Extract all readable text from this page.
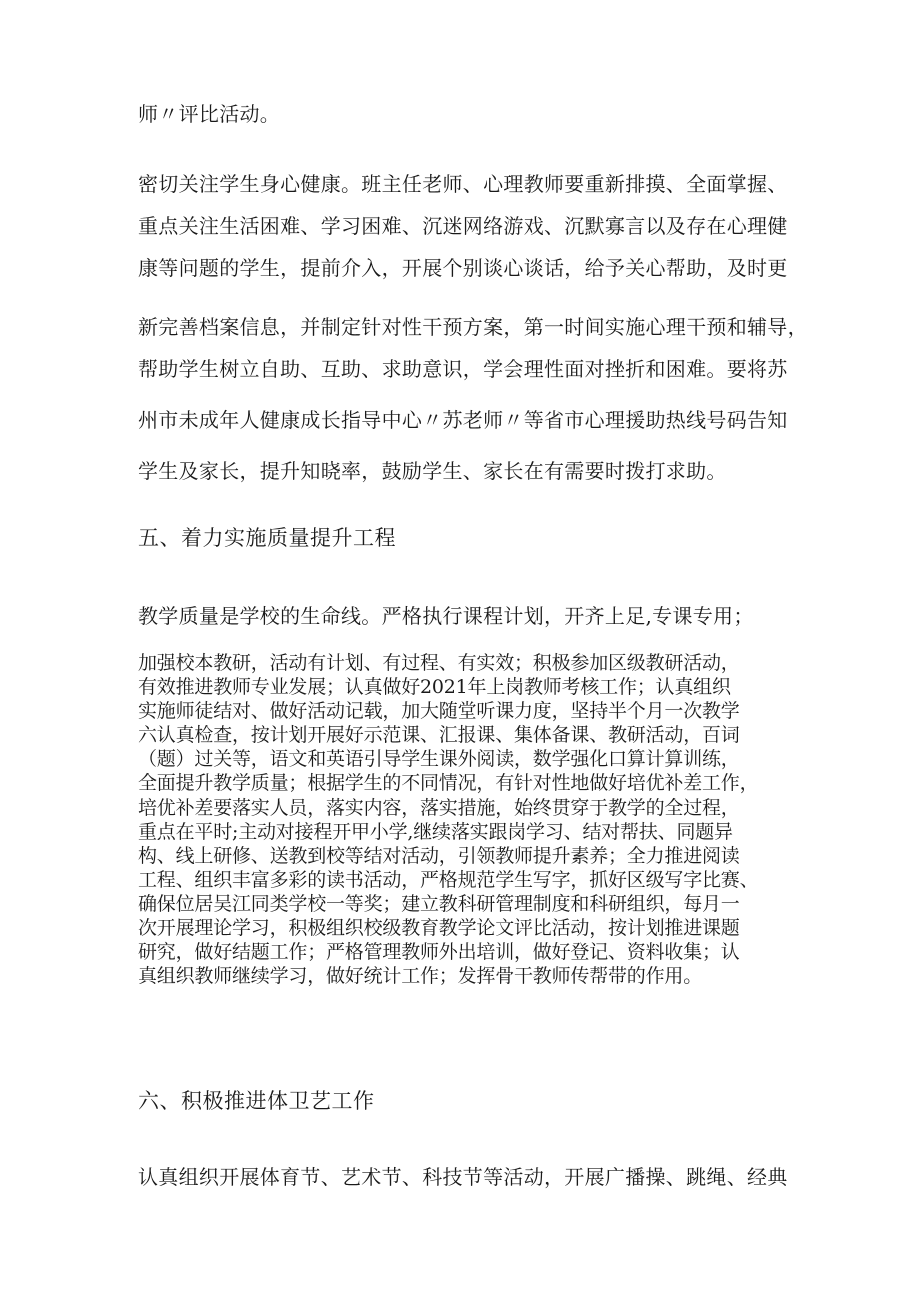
师〃评比活动。
密切关注学生身心健康。班主任老师、心理教师要重新排摸、全面掌握、
重点关注生活困难、学习困难、沉迷网络游戏、沉默寡言以及存在心理健
康等问题的学生，提前介入，开展个别谈心谈话，给予关心帮助，及时更
新完善档案信息，并制定针对性干预方案，第一时间实施心理干预和辅导，
帮助学生树立自助、互助、求助意识，学会理性面对挫折和困难。要将苏
州市未成年人健康成长指导中心〃苏老师〃等省市心理援助热线号码告知
学生及家长，提升知晓率，鼓励学生、家长在有需要时拨打求助。
五、着力实施质量提升工程
教学质量是学校的生命线。严格执行课程计划，开齐上足,专课专用；
加强校本教研，活动有计划、有过程、有实效；积极参加区级教研活动，
有效推进教师专业发展；认真做好2021年上岗教师考核工作；认真组织
实施师徒结对、做好活动记载，加大随堂听课力度，坚持半个月一次教学
六认真检查，按计划开展好示范课、汇报课、集体备课、教研活动，百词
（题）过关等，语文和英语引导学生课外阅读，数学强化口算计算训练，
全面提升教学质量；根据学生的不同情况，有针对性地做好培优补差工作，
培优补差要落实人员，落实内容，落实措施，始终贯穿于教学的全过程，
重点在平时;主动对接程开甲小学,继续落实跟岗学习、结对帮扶、同题异
构、线上研修、送教到校等结对活动，引领教师提升素养；全力推进阅读
工程、组织丰富多彩的读书活动，严格规范学生写字，抓好区级写字比赛、
确保位居吴江同类学校一等奖；建立教科研管理制度和科研组织，每月一
次开展理论学习，积极组织校级教育教学论文评比活动，按计划推进课题
研究，做好结题工作；严格管理教师外出培训，做好登记、资料收集；认
真组织教师继续学习，做好统计工作；发挥骨干教师传帮带的作用。
六、积极推进体卫艺工作
认真组织开展体育节、艺术节、科技节等活动，开展广播操、跳绳、经典
